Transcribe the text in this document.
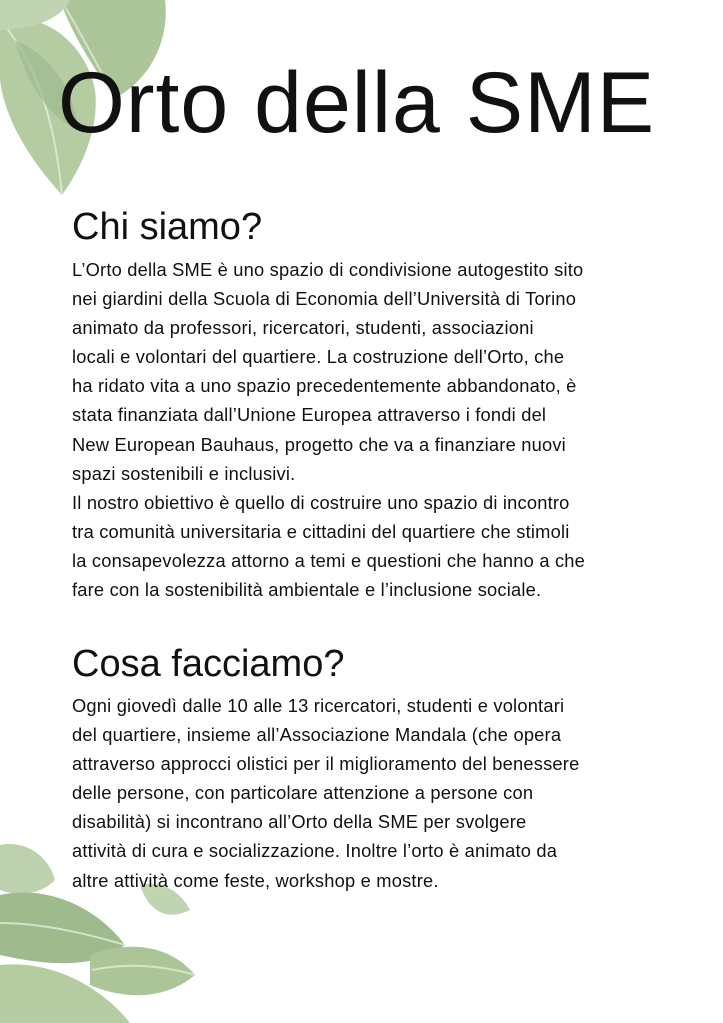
Orto della SME
Chi siamo?
L’Orto della SME è uno spazio di condivisione autogestito sito
nei giardini della Scuola di Economia dell’Università di Torino
animato da professori, ricercatori, studenti, associazioni
locali e volontari del quartiere. La costruzione dell’Orto, che
ha ridato vita a uno spazio precedentemente abbandonato, è
stata finanziata dall’Unione Europea attraverso i fondi del
New European Bauhaus, progetto che va a finanziare nuovi
spazi sostenibili e inclusivi.
Il nostro obiettivo è quello di costruire uno spazio di incontro
tra comunità universitaria e cittadini del quartiere che stimoli
la consapevolezza attorno a temi e questioni che hanno a che
fare con la sostenibilità ambientale e l’inclusione sociale.
Cosa facciamo?
Ogni giovedì dalle 10 alle 13 ricercatori, studenti e volontari
del quartiere, insieme all’Associazione Mandala (che opera
attraverso approcci olistici per il miglioramento del benessere
delle persone, con particolare attenzione a persone con
disabilità) si incontrano all’Orto della SME per svolgere
attività di cura e socializzazione. Inoltre l’orto è animato da
altre attività come feste, workshop e mostre.
